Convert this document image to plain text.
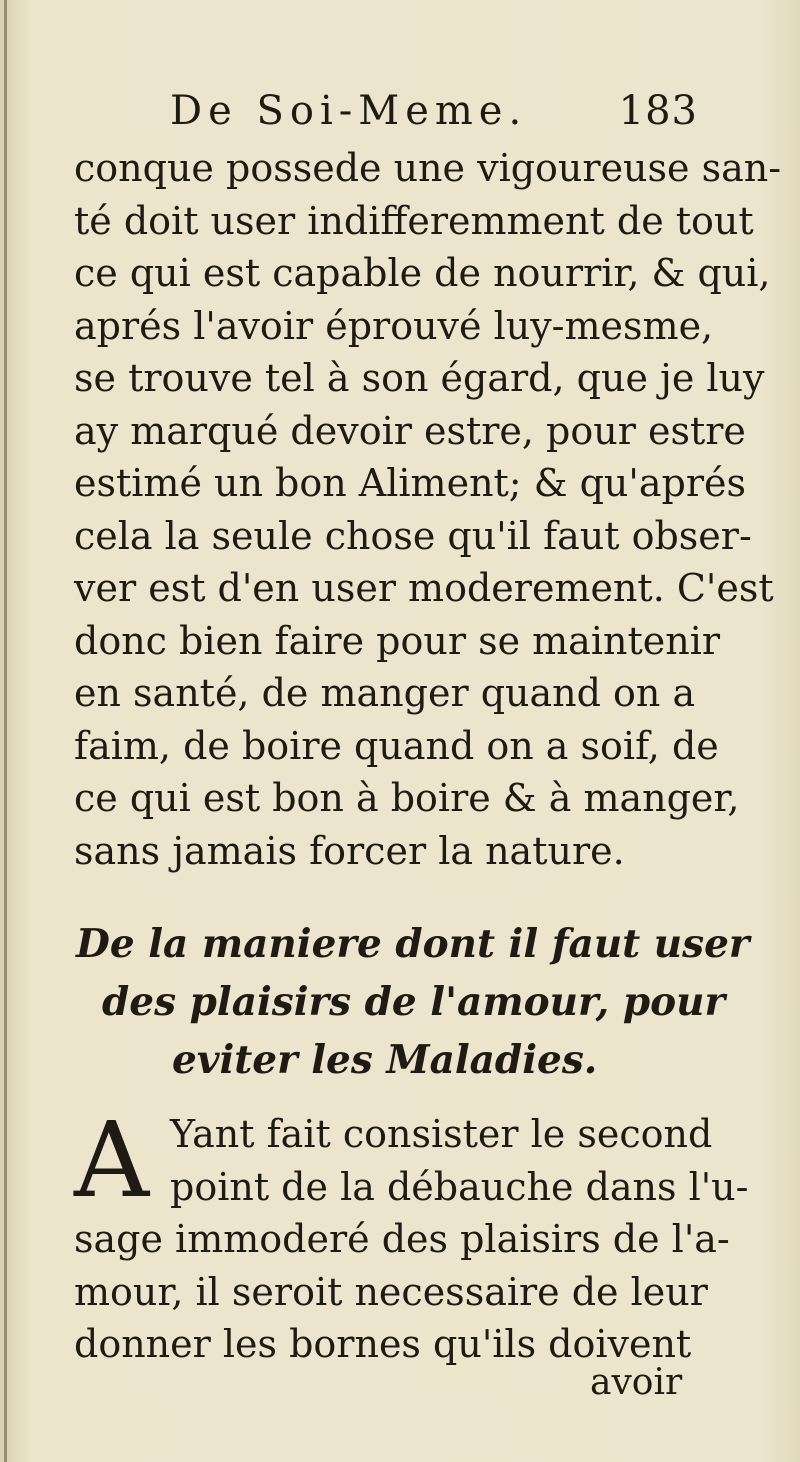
De Soi-Meme. 183
conque possede une vigoureuse san-
té doit user indifferemment de tout
ce qui est capable de nourrir, & qui,
aprés l'avoir éprouvé luy-mesme,
se trouve tel à son égard, que je luy
ay marqué devoir estre, pour estre
estimé un bon Aliment; & qu'aprés
cela la seule chose qu'il faut obser-
ver est d'en user moderement. C'est
donc bien faire pour se maintenir
en santé, de manger quand on a
faim, de boire quand on a soif, de
ce qui est bon à boire & à manger,
sans jamais forcer la nature.
De la maniere dont il faut user
des plaisirs de l'amour, pour
eviter les Maladies.
A Yant fait consister le second
point de la débauche dans l'u-
sage immoderé des plaisirs de l'a-
mour, il seroit necessaire de leur
donner les bornes qu'ils doivent
avoir
